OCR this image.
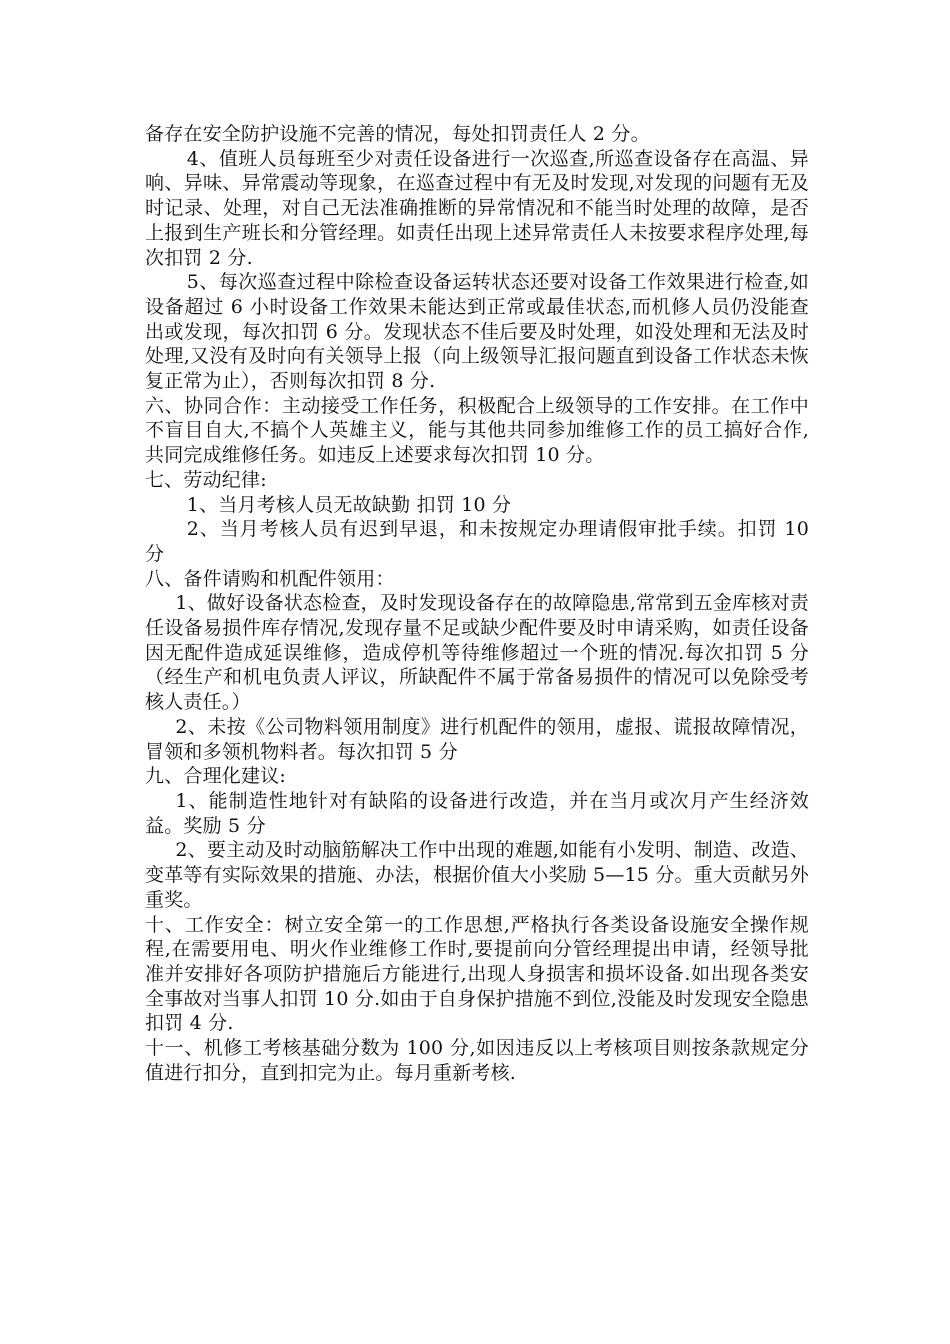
备存在安全防护设施不完善的情况，每处扣罚责任人 2 分。

4、值班人员每班至少对责任设备进行一次巡查,所巡查设备存在高温、异响、异味、异常震动等现象，在巡查过程中有无及时发现,对发现的问题有无及时记录、处理，对自己无法准确推断的异常情况和不能当时处理的故障，是否上报到生产班长和分管经理。如责任出现上述异常责任人未按要求程序处理,每次扣罚 2 分.

5、每次巡查过程中除检查设备运转状态还要对设备工作效果进行检查,如设备超过 6 小时设备工作效果未能达到正常或最佳状态,而机修人员仍没能查出或发现，每次扣罚 6 分。发现状态不佳后要及时处理，如没处理和无法及时处理,又没有及时向有关领导上报（向上级领导汇报问题直到设备工作状态未恢复正常为止），否则每次扣罚 8 分.

六、协同合作：主动接受工作任务，积极配合上级领导的工作安排。在工作中不盲目自大,不搞个人英雄主义，能与其他共同参加维修工作的员工搞好合作,共同完成维修任务。如违反上述要求每次扣罚 10 分。

七、劳动纪律:

1、当月考核人员无故缺勤 扣罚 10 分

2、当月考核人员有迟到早退，和未按规定办理请假审批手续。扣罚 10 分

八、备件请购和机配件领用：

1、做好设备状态检查，及时发现设备存在的故障隐患,常常到五金库核对责任设备易损件库存情况,发现存量不足或缺少配件要及时申请采购，如责任设备因无配件造成延误维修，造成停机等待维修超过一个班的情况.每次扣罚 5 分（经生产和机电负责人评议，所缺配件不属于常备易损件的情况可以免除受考核人责任。）

2、未按《公司物料领用制度》进行机配件的领用，虚报、谎报故障情况，冒领和多领机物料者。每次扣罚 5 分

九、合理化建议:

1、能制造性地针对有缺陷的设备进行改造，并在当月或次月产生经济效益。奖励 5 分

2、要主动及时动脑筋解决工作中出现的难题,如能有小发明、制造、改造、变革等有实际效果的措施、办法，根据价值大小奖励 5—15 分。重大贡献另外重奖。

十、工作安全：树立安全第一的工作思想,严格执行各类设备设施安全操作规程,在需要用电、明火作业维修工作时,要提前向分管经理提出申请，经领导批准并安排好各项防护措施后方能进行,出现人身损害和损坏设备.如出现各类安全事故对当事人扣罚 10 分.如由于自身保护措施不到位,没能及时发现安全隐患扣罚 4 分.

十一、机修工考核基础分数为 100 分,如因违反以上考核项目则按条款规定分值进行扣分，直到扣完为止。每月重新考核.
